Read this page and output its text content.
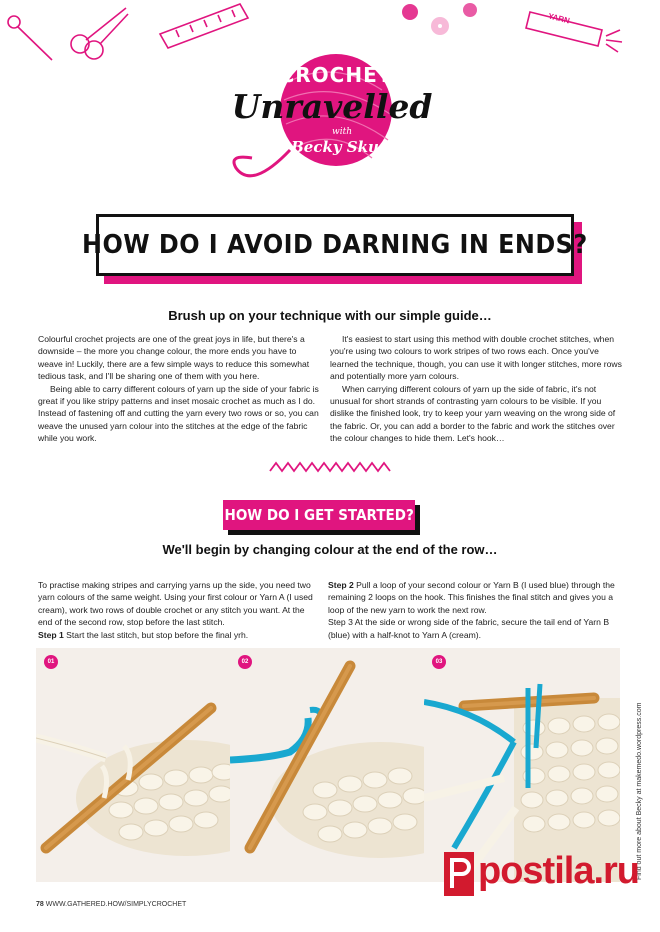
YARN
CROCHET
Unravelled
with
Becky Skuse
HOW DO I AVOID DARNING IN ENDS?
Brush up on your technique with our simple guide…

Colourful crochet projects are one of the great joys in life, but there's a downside – the more you change colour, the more ends you have to weave in! Luckily, there are a few simple ways to reduce this somewhat tedious task, and I'll be sharing one of them with you here.

Being able to carry different colours of yarn up the side of your fabric is great if you like stripy patterns and inset mosaic crochet as much as I do. Instead of fastening off and cutting the yarn every two rows or so, you can weave the unused yarn colour into the stitches at the edge of the fabric while you work.

It's easiest to start using this method with double crochet stitches, when you're using two colours to work stripes of two rows each. Once you've learned the technique, though, you can use it with longer stitches, more rows and potentially more yarn colours.

When carrying different colours of yarn up the side of fabric, it's not unusual for short strands of contrasting yarn colours to be visible. If you dislike the finished look, try to keep your yarn weaving on the wrong side of the fabric. Or, you can add a border to the fabric and work the stitches over the colour changes to hide them. Let's hook…

HOW DO I GET STARTED?
We'll begin by changing colour at the end of the row…

To practise making stripes and carrying yarns up the side, you need two yarn colours of the same weight. Using your first colour or Yarn A (I used cream), work two rows of double crochet or any stitch you want. At the end of the second row, stop before the last stitch.

Step 1 Start the last stitch, but stop before the final yrh.

Step 2 Pull a loop of your second colour or Yarn B (I used blue) through the remaining 2 loops on the hook. This finishes the final stitch and gives you a loop of the new yarn to work the next row.

Step 3 At the side or wrong side of the fabric, secure the tail end of Yarn B (blue) with a half-knot to Yarn A (cream).

01	02	03
Find out more about Becky at makemedo.wordpress.com
78 WWW.GATHERED.HOW/SIMPLYCROCHET
postila.ru
